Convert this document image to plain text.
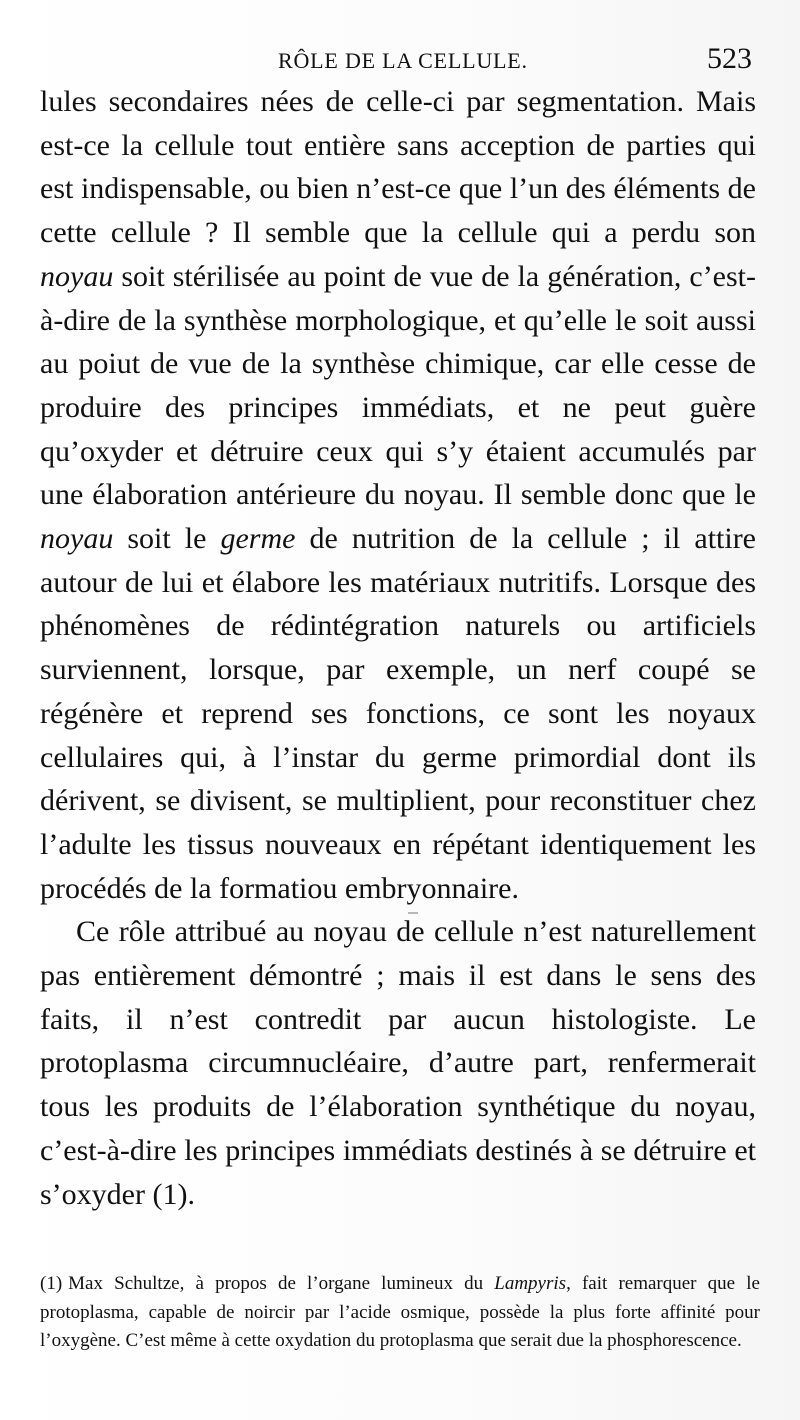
RÔLE DE LA CELLULE.	523

lules secondaires nées de celle-ci par segmentation. Mais est-ce la cellule tout entière sans acception de parties qui est indispensable, ou bien n’est-ce que l’un des éléments de cette cellule ? Il semble que la cellule qui a perdu son noyau soit stérilisée au point de vue de la génération, c’est-à-dire de la synthèse morphologique, et qu’elle le soit aussi au poiut de vue de la synthèse chimique, car elle cesse de produire des principes immédiats, et ne peut guère qu’oxyder et détruire ceux qui s’y étaient accumulés par une élaboration antérieure du noyau. Il semble donc que le noyau soit le germe de nutrition de la cellule ; il attire autour de lui et élabore les matériaux nutritifs. Lorsque des phénomènes de rédintégration naturels ou artificiels surviennent, lorsque, par exemple, un nerf coupé se régénère et reprend ses fonctions, ce sont les noyaux cellulaires qui, à l’instar du germe primordial dont ils dérivent, se divisent, se multiplient, pour reconstituer chez l’adulte les tissus nouveaux en répétant identiquement les procédés de la formatiou embryonnaire.

Ce rôle attribué au noyau de cellule n’est naturellement pas entièrement démontré ; mais il est dans le sens des faits, il n’est contredit par aucun histologiste. Le protoplasma circumnucléaire, d’autre part, renfermerait tous les produits de l’élaboration synthétique du noyau, c’est-à-dire les principes immédiats destinés à se détruire et s’oxyder (1).

(1) Max Schultze, à propos de l’organe lumineux du Lampyris, fait remarquer que le protoplasma, capable de noircir par l’acide osmique, possède la plus forte affinité pour l’oxygène. C’est même à cette oxydation du protoplasma que serait due la phosphorescence.
